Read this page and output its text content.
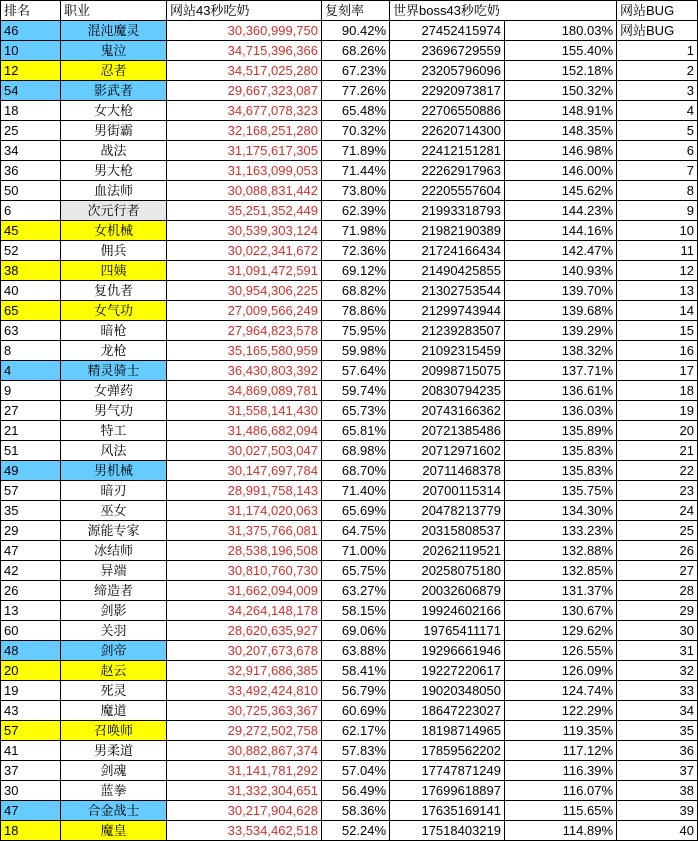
排名	职业	网站43秒吃奶	复刻率	世界boss43秒吃奶		网站BUG
46	混沌魔灵	30,360,999,750	90.42%	27452415974	180.03%	网站BUG
10	鬼泣	34,715,396,366	68.26%	23696729559	155.40%	1
12	忍者	34,517,025,280	67.23%	23205796096	152.18%	2
54	影武者	29,667,323,087	77.26%	22920973817	150.32%	3
18	女大枪	34,677,078,323	65.48%	22706550886	148.91%	4
25	男街霸	32,168,251,280	70.32%	22620714300	148.35%	5
34	战法	31,175,617,305	71.89%	22412151281	146.98%	6
36	男大枪	31,163,099,053	71.44%	22262917963	146.00%	7
50	血法师	30,088,831,442	73.80%	22205557604	145.62%	8
6	次元行者	35,251,352,449	62.39%	21993318793	144.23%	9
45	女机械	30,539,303,124	71.98%	21982190389	144.16%	10
52	佣兵	30,022,341,672	72.36%	21724166434	142.47%	11
38	四姨	31,091,472,591	69.12%	21490425855	140.93%	12
40	复仇者	30,954,306,225	68.82%	21302753544	139.70%	13
65	女气功	27,009,566,249	78.86%	21299743944	139.68%	14
63	暗枪	27,964,823,578	75.95%	21239283507	139.29%	15
8	龙枪	35,165,580,959	59.98%	21092315459	138.32%	16
4	精灵骑士	36,430,803,392	57.64%	20998715075	137.71%	17
9	女弹药	34,869,089,781	59.74%	20830794235	136.61%	18
27	男气功	31,558,141,430	65.73%	20743166362	136.03%	19
21	特工	31,486,682,094	65.81%	20721385486	135.89%	20
51	风法	30,027,503,047	68.98%	20712971602	135.83%	21
49	男机械	30,147,697,784	68.70%	20711468378	135.83%	22
57	暗刃	28,991,758,143	71.40%	20700115314	135.75%	23
35	巫女	31,174,020,063	65.69%	20478213779	134.30%	24
29	源能专家	31,375,766,081	64.75%	20315808537	133.23%	25
47	冰结师	28,538,196,508	71.00%	20262119521	132.88%	26
42	异端	30,810,760,730	65.75%	20258075180	132.85%	27
26	缔造者	31,662,094,009	63.27%	20032606879	131.37%	28
13	剑影	34,264,148,178	58.15%	19924602166	130.67%	29
60	关羽	28,620,635,927	69.06%	19765411171	129.62%	30
48	剑帝	30,207,673,678	63.88%	19296661946	126.55%	31
20	赵云	32,917,686,385	58.41%	19227220617	126.09%	32
19	死灵	33,492,424,810	56.79%	19020348050	124.74%	33
43	魔道	30,725,363,367	60.69%	18647223027	122.29%	34
57	召唤师	29,272,502,758	62.17%	18198714965	119.35%	35
41	男柔道	30,882,867,374	57.83%	17859562202	117.12%	36
37	剑魂	31,141,781,292	57.04%	17747871249	116.39%	37
30	蓝拳	31,332,304,651	56.49%	17699618897	116.07%	38
47	合金战士	30,217,904,628	58.36%	17635169141	115.65%	39
18	魔皇	33,534,462,518	52.24%	17518403219	114.89%	40
